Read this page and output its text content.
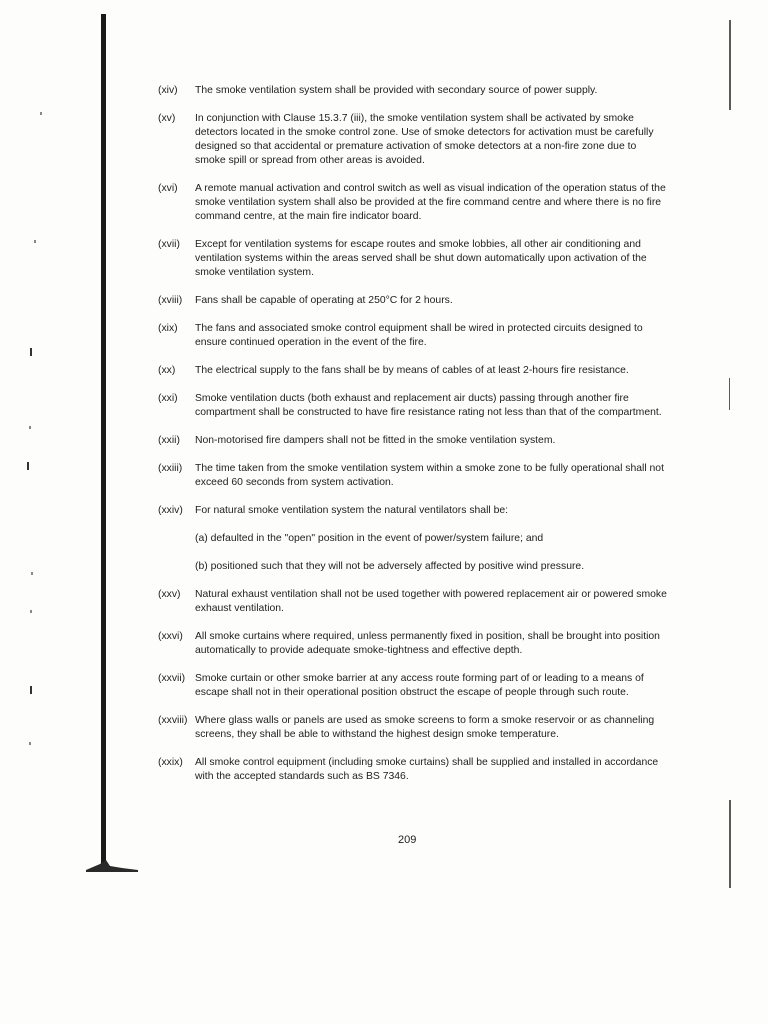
(xiv) The smoke ventilation system shall be provided with secondary source of power supply.
(xv) In conjunction with Clause 15.3.7 (iii), the smoke ventilation system shall be activated by smoke detectors located in the smoke control zone. Use of smoke detectors for activation must be carefully designed so that accidental or premature activation of smoke detectors at a non-fire zone due to smoke spill or spread from other areas is avoided.
(xvi) A remote manual activation and control switch as well as visual indication of the operation status of the smoke ventilation system shall also be provided at the fire command centre and where there is no fire command centre, at the main fire indicator board.
(xvii) Except for ventilation systems for escape routes and smoke lobbies, all other air conditioning and ventilation systems within the areas served shall be shut down automatically upon activation of the smoke ventilation system.
(xviii) Fans shall be capable of operating at 250°C for 2 hours.
(xix) The fans and associated smoke control equipment shall be wired in protected circuits designed to ensure continued operation in the event of the fire.
(xx) The electrical supply to the fans shall be by means of cables of at least 2-hours fire resistance.
(xxi) Smoke ventilation ducts (both exhaust and replacement air ducts) passing through another fire compartment shall be constructed to have fire resistance rating not less than that of the compartment.
(xxii) Non-motorised fire dampers shall not be fitted in the smoke ventilation system.
(xxiii) The time taken from the smoke ventilation system within a smoke zone to be fully operational shall not exceed 60 seconds from system activation.
(xxiv) For natural smoke ventilation system the natural ventilators shall be:
(a) defaulted in the "open" position in the event of power/system failure; and
(b) positioned such that they will not be adversely affected by positive wind pressure.
(xxv) Natural exhaust ventilation shall not be used together with powered replacement air or powered smoke exhaust ventilation.
(xxvi) All smoke curtains where required, unless permanently fixed in position, shall be brought into position automatically to provide adequate smoke-tightness and effective depth.
(xxvii) Smoke curtain or other smoke barrier at any access route forming part of or leading to a means of escape shall not in their operational position obstruct the escape of people through such route.
(xxviii) Where glass walls or panels are used as smoke screens to form a smoke reservoir or as channeling screens, they shall be able to withstand the highest design smoke temperature.
(xxix) All smoke control equipment (including smoke curtains) shall be supplied and installed in accordance with the accepted standards such as BS 7346.
209
